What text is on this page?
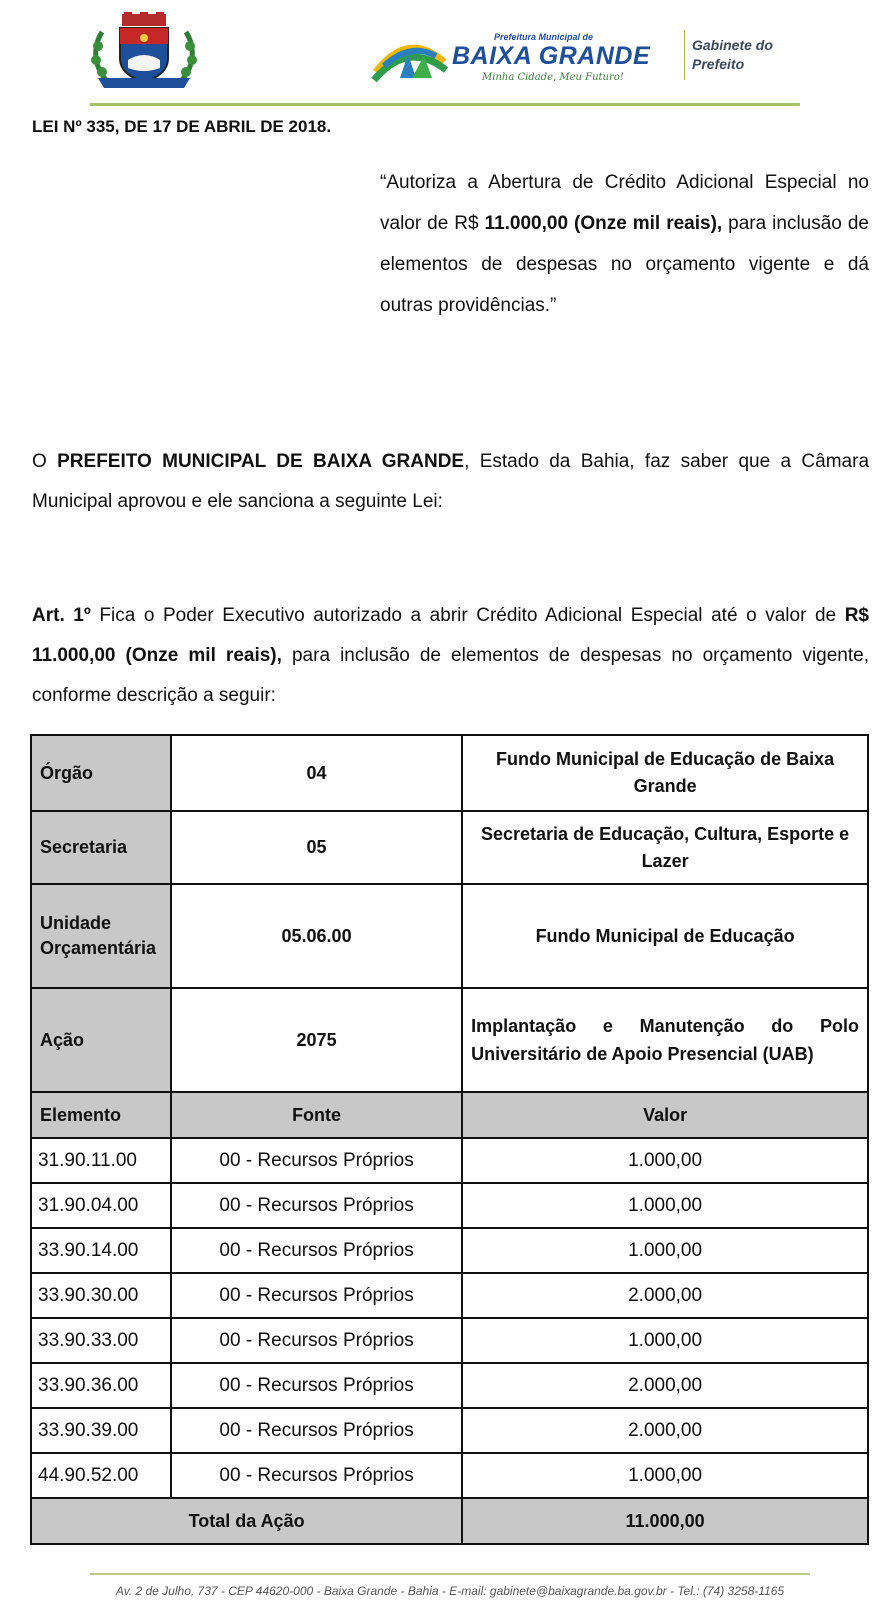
Prefeitura Municipal de
BAIXA GRANDE
Minha Cidade, Meu Futuro!
Gabinete do Prefeito
LEI Nº 335, DE 17 DE ABRIL DE 2018.

“Autoriza a Abertura de Crédito Adicional Especial no valor de R$ 11.000,00 (Onze mil reais), para inclusão de elementos de despesas no orçamento vigente e dá outras providências.”

O PREFEITO MUNICIPAL DE BAIXA GRANDE, Estado da Bahia, faz saber que a Câmara Municipal aprovou e ele sanciona a seguinte Lei:

Art. 1º Fica o Poder Executivo autorizado a abrir Crédito Adicional Especial até o valor de R$ 11.000,00 (Onze mil reais), para inclusão de elementos de despesas no orçamento vigente, conforme descrição a seguir:

Órgão	04	Fundo Municipal de Educação de Baixa Grande
Secretaria	05	Secretaria de Educação, Cultura, Esporte e Lazer
Unidade Orçamentária	05.06.00	Fundo Municipal de Educação
Ação	2075	Implantação e Manutenção do Polo Universitário de Apoio Presencial (UAB)
Elemento	Fonte	Valor
31.90.11.00	00 - Recursos Próprios	1.000,00
31.90.04.00	00 - Recursos Próprios	1.000,00
33.90.14.00	00 - Recursos Próprios	1.000,00
33.90.30.00	00 - Recursos Próprios	2.000,00
33.90.33.00	00 - Recursos Próprios	1.000,00
33.90.36.00	00 - Recursos Próprios	2.000,00
33.90.39.00	00 - Recursos Próprios	2.000,00
44.90.52.00	00 - Recursos Próprios	1.000,00
Total da Ação		11.000,00
Av. 2 de Julho, 737 - CEP 44620-000 - Baixa Grande - Bahia - E-mail: gabinete@baixagrande.ba.gov.br - Tel.: (74) 3258-1165
